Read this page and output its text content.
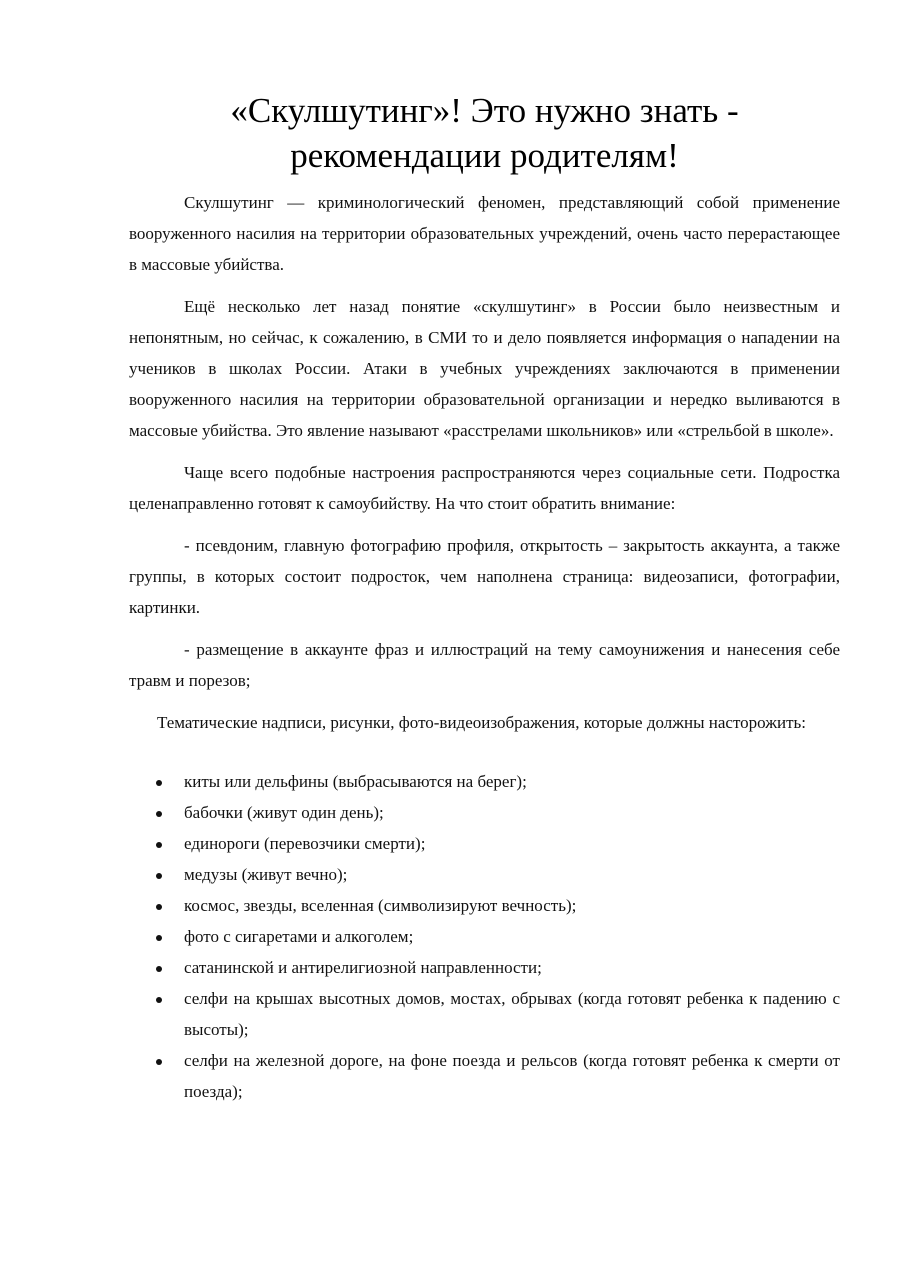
«Скулшутинг»! Это нужно знать -
рекомендации родителям!

Скулшутинг — криминологический феномен, представляющий собой применение вооруженного насилия на территории образовательных учреждений, очень часто перерастающее в массовые убийства.

Ещё несколько лет назад понятие «скулшутинг» в России было неизвестным и непонятным, но сейчас, к сожалению, в СМИ то и дело появляется информация о нападении на учеников в школах России. Атаки в учебных учреждениях заключаются в применении вооруженного насилия на территории образовательной организации и нередко выливаются в массовые убийства. Это явление называют «расстрелами школьников» или «стрельбой в школе».

Чаще всего подобные настроения распространяются через социальные сети. Подростка целенаправленно готовят к самоубийству. На что стоит обратить внимание:

- псевдоним, главную фотографию профиля, открытость – закрытость аккаунта, а также группы, в которых состоит подросток, чем наполнена страница: видеозаписи, фотографии, картинки.

- размещение в аккаунте фраз и иллюстраций на тему самоунижения и нанесения себе травм и порезов;

Тематические надписи, рисунки, фото-видеоизображения, которые должны насторожить:

киты или дельфины (выбрасываются на берег);
бабочки (живут один день);
единороги (перевозчики смерти);
медузы (живут вечно);
космос, звезды, вселенная (символизируют вечность);
фото с сигаретами и алкоголем;
сатанинской и антирелигиозной направленности;
селфи на крышах высотных домов, мостах, обрывах (когда готовят ребенка к падению с высоты);
селфи на железной дороге, на фоне поезда и рельсов (когда готовят ребенка к смерти от поезда);
